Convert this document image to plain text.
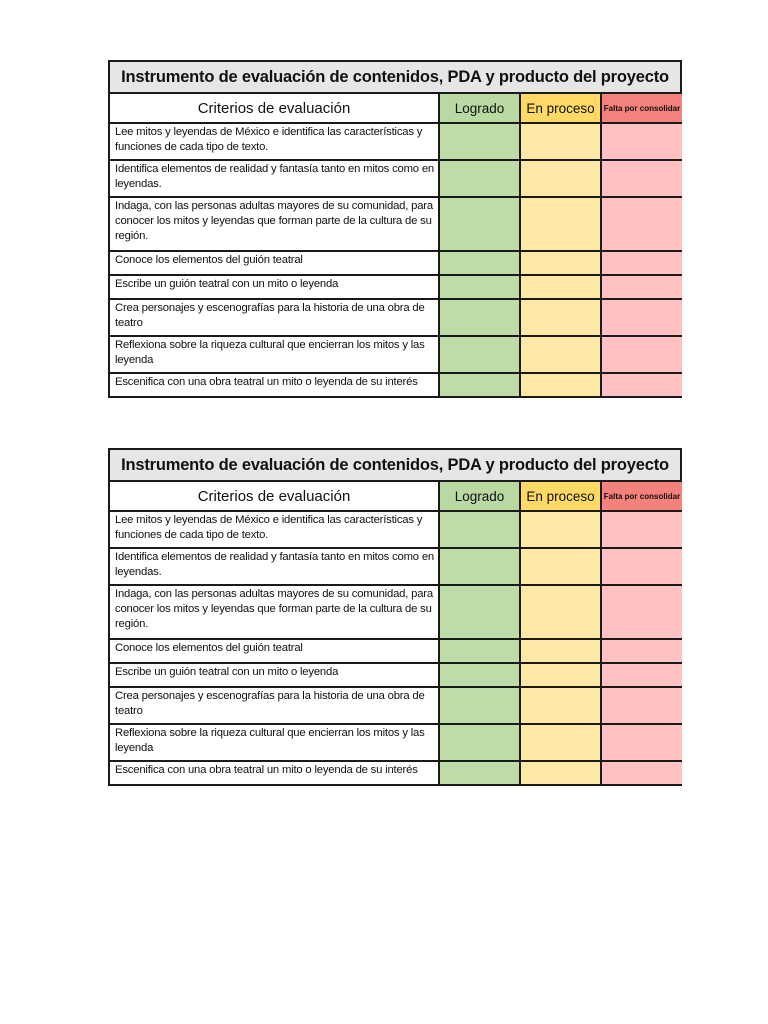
Instrumento de evaluación de contenidos, PDA y producto del proyecto
Criterios de evaluación	Logrado	En proceso	Falta por consolidar
Lee mitos y leyendas de México e identifica las características y funciones de cada tipo de texto.			
Identifica elementos de realidad y fantasía tanto en mitos como en leyendas.			
Indaga, con las personas adultas mayores de su comunidad, para conocer los mitos y leyendas que forman parte de la cultura de su región.			
Conoce los elementos del guión teatral			
Escribe un guión teatral con un mito o leyenda			
Crea personajes y escenografías para la historia de una obra de teatro			
Reflexiona sobre la riqueza cultural que encierran los mitos y las leyenda			
Escenifica con una obra teatral un mito o leyenda de su interés			
Instrumento de evaluación de contenidos, PDA y producto del proyecto
Criterios de evaluación	Logrado	En proceso	Falta por consolidar
Lee mitos y leyendas de México e identifica las características y funciones de cada tipo de texto.			
Identifica elementos de realidad y fantasía tanto en mitos como en leyendas.			
Indaga, con las personas adultas mayores de su comunidad, para conocer los mitos y leyendas que forman parte de la cultura de su región.			
Conoce los elementos del guión teatral			
Escribe un guión teatral con un mito o leyenda			
Crea personajes y escenografías para la historia de una obra de teatro			
Reflexiona sobre la riqueza cultural que encierran los mitos y las leyenda			
Escenifica con una obra teatral un mito o leyenda de su interés			
